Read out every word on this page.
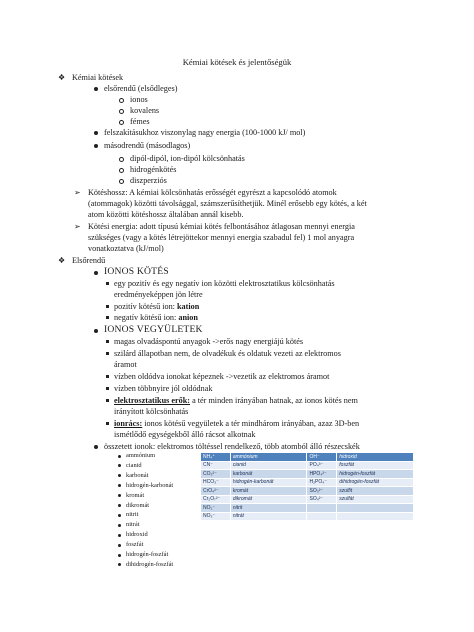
Kémiai kötések és jelentőségük
❖ Kémiai kötések
elsőrendű (elsődleges)
ionos
kovalens
fémes
felszakításukhoz viszonylag nagy energia (100-1000 kJ/ mol)
másodrendű (másodlagos)
dipól-dipól, ion-dipól kölcsönhatás
hidrogénkötés
diszperziós
➢ Kötéshossz: A kémiai kölcsönhatás erősségét egyrészt a kapcsolódó atomok
(atommagok) közötti távolsággal, számszerűsíthetjük. Minél erősebb egy kötés, a két
atom közötti kötéshossz általában annál kisebb.
➢ Kötési energia: adott típusú kémiai kötés felbontásához átlagosan mennyi energia
szükséges (vagy a kötés létrejöttekor mennyi energia szabadul fel) 1 mol anyagra
vonatkoztatva (kJ/mol)
❖ Elsőrendű
IONOS KÖTÉS
egy pozitív és egy negatív ion közötti elektrosztatikus kölcsönhatás
eredményeképpen jön létre
pozitív kötésű ion: kation
negatív kötésű ion: anion
IONOS VEGYÜLETEK
magas olvadáspontú anyagok ->erős nagy energiájú kötés
szilárd állapotban nem, de olvadékuk és oldatuk vezeti az elektromos
áramot
vízben oldódva ionokat képeznek ->vezetik az elektromos áramot
vízben többnyire jól oldódnak
elektrosztatikus erők: a tér minden irányában hatnak, az ionos kötés nem
irányított kölcsönhatás
ionrács: ionos kötésű vegyületek a tér mindhárom irányában, azaz 3D-ben
ismétlődő egységekből álló rácsot alkotnak
összetett ionok: elektromos töltéssel rendelkező, több atomból álló részecskék
ammónium
cianid
karbonát
hidrogén-karbonát
kromát
dikromát
nitrit
nitrát
hidroxid
foszfát
hidrogén-foszfát
dihidrogén-foszfát
NH₄⁺	ammónium	OH⁻	hidroxid
CN⁻	cianid	PO₄³⁻	foszfát
CO₃²⁻	karbonát	HPO₄²⁻	hidrogén-foszfát
HCO₃⁻	hidrogén-karbonát	H₂PO₄⁻	dihidrogén-foszfát
CrO₄²⁻	kromát	SO₃²⁻	szulfit
Cr₂O₇²⁻	dikromát	SO₄²⁻	szulfát
NO₂⁻	nitrit		
NO₃⁻	nitrát		
